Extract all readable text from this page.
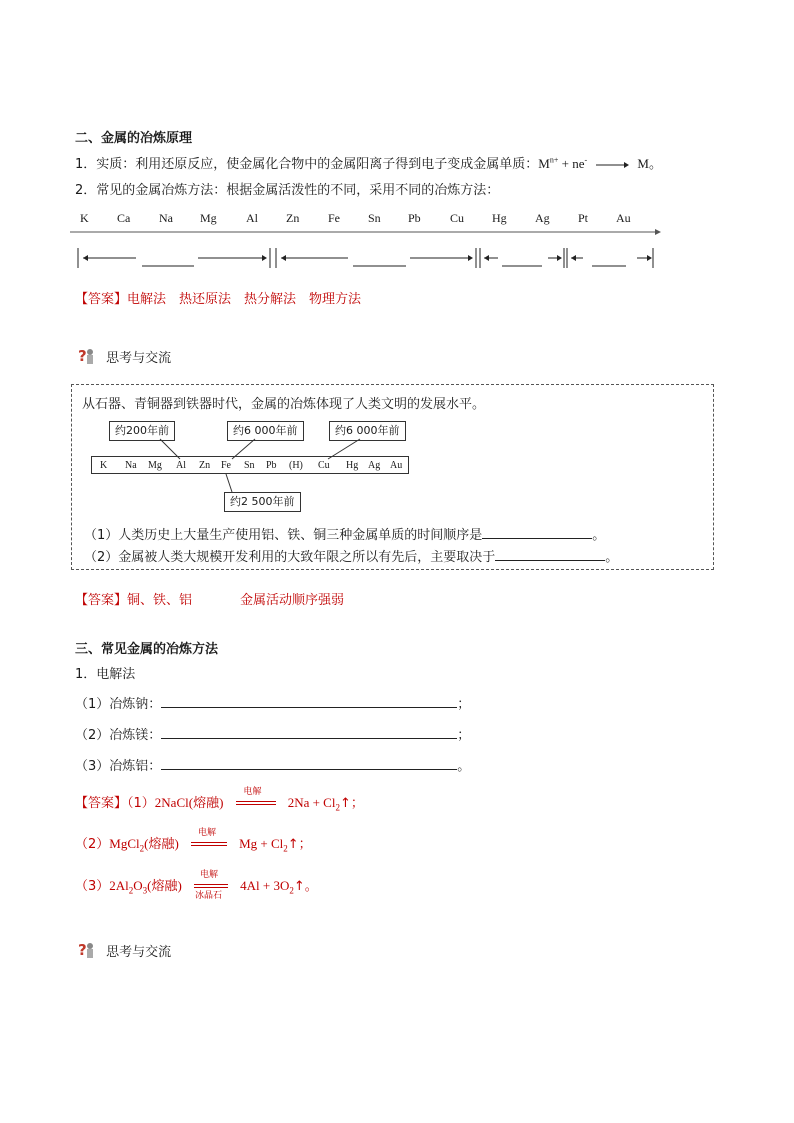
二、金属的冶炼原理
1．实质：利用还原反应，使金属化合物中的金属阳离子得到电子变成金属单质：$M^{n+} + ne^- \to M$。
2．常见的金属冶炼方法：根据金属活泼性的不同，采用不同的冶炼方法：
K Ca Na Mg Al Zn Fe Sn Pb Cu Hg Ag Pt Au
【答案】电解法　热还原法　热分解法　物理方法
? 思考与交流
从石器、青铜器到铁器时代，金属的冶炼体现了人类文明的发展水平。
约200年前	约6 000年前	约6 000年前
约2 500年前
K Na Mg Al Zn Fe Sn Pb (H) Cu Hg Ag Au
（1）人类历史上大量生产使用铝、铁、铜三种金属单质的时间顺序是	。
（2）金属被人类大规模开发利用的大致年限之所以有先后，主要取决于	。
【答案】铜、铁、铝	金属活动顺序强弱
三、常见金属的冶炼方法
1．电解法
（1）冶炼钠：	；
（2）冶炼镁：	；
（3）冶炼铝：	。
【答案】（1）2NaCl(熔融)
电解
$2Na + Cl_2↑$；
（2）MgCl$_2$(熔融)
电解
$Mg + Cl_2↑$；
$(3)2Al_2O_3$(熔融)
电解
冰晶石
$4Al + 3O_2↑$。
? 思考与交流
